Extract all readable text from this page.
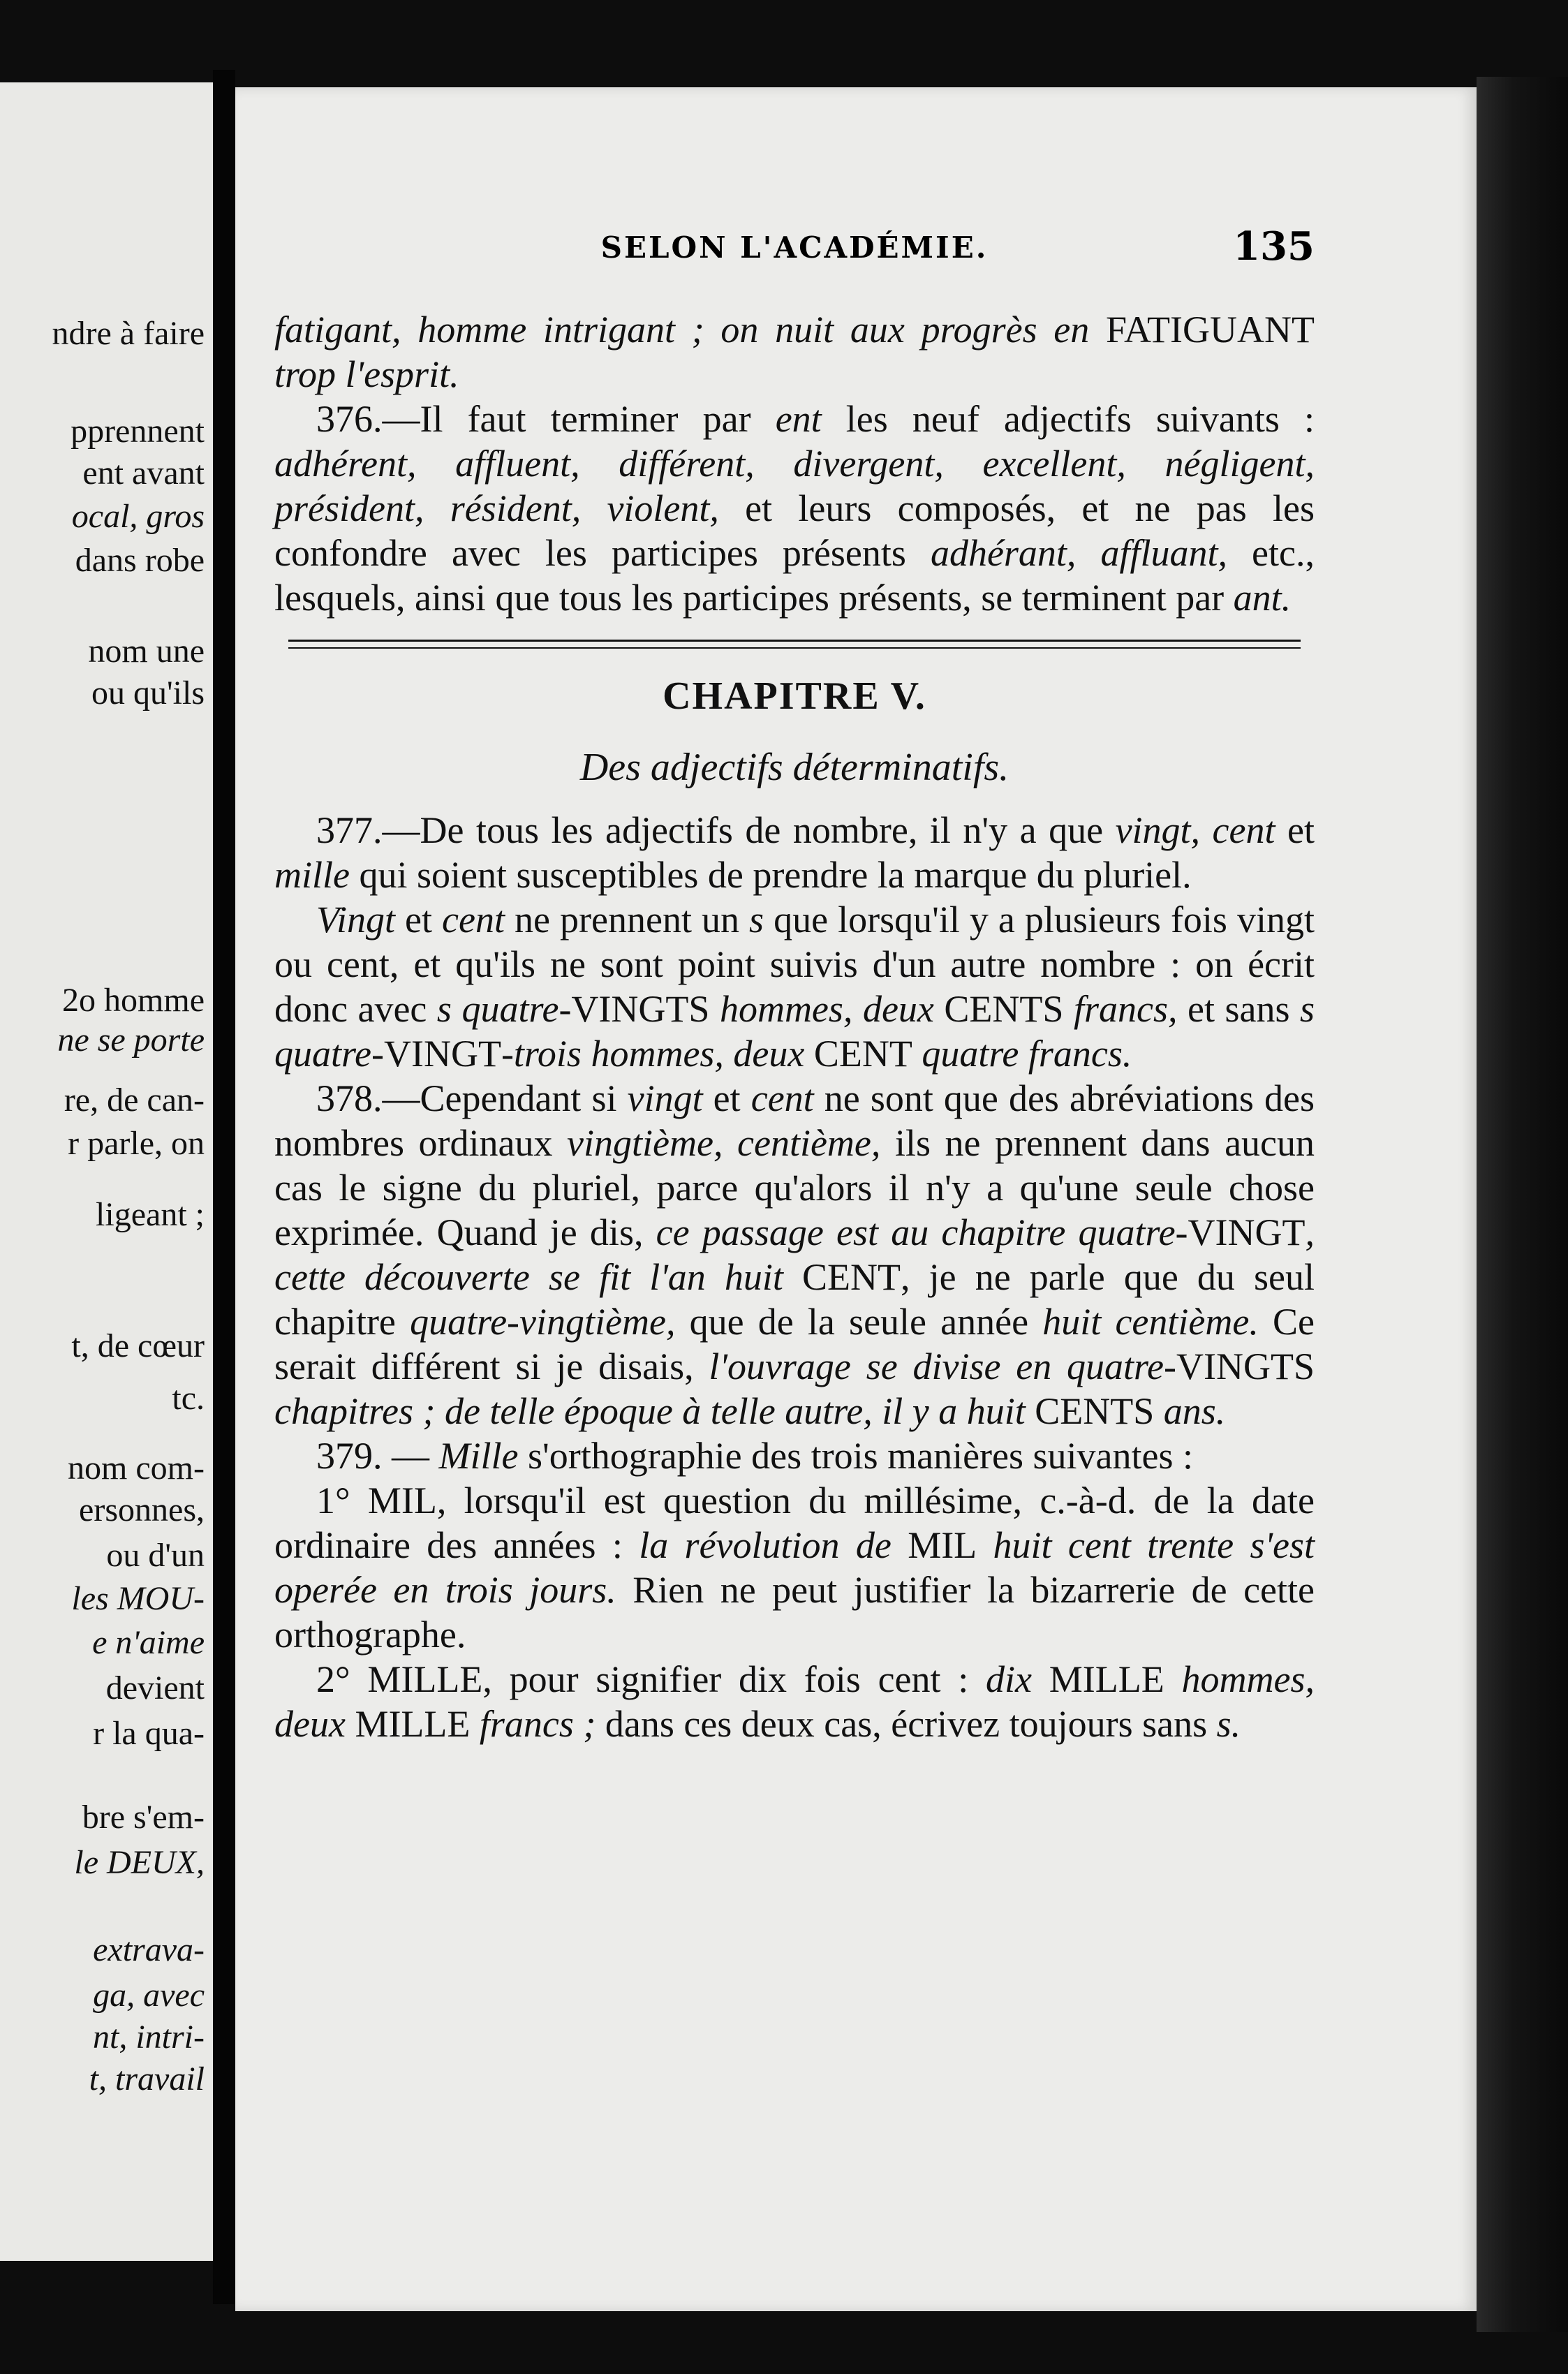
ndre à faire
pprennent
ent avant
ocal, gros
dans robe
nom une
ou qu'ils
2o homme
ne se porte
re, de can-
r parle, on
ligeant ;
t, de cœur
tc.
nom com-
ersonnes,
ou d'un
les MOU-
e n'aime
devient
r la qua-
bre s'em-
le DEUX,
extrava-
ga, avec
nt, intri-
t, travail
SELON L'ACADÉMIE.	135

fatigant, homme intrigant ; on nuit aux progrès en FATIGUANT trop l'esprit.

376.—Il faut terminer par ent les neuf adjectifs suivants : adhérent, affluent, différent, divergent, excellent, négligent, président, résident, violent, et leurs composés, et ne pas les confondre avec les participes présents adhérant, affluant, etc., lesquels, ainsi que tous les participes présents, se terminent par ant.

CHAPITRE V.
Des adjectifs déterminatifs.

377.—De tous les adjectifs de nombre, il n'y a que vingt, cent et mille qui soient susceptibles de prendre la marque du pluriel.

Vingt et cent ne prennent un s que lorsqu'il y a plusieurs fois vingt ou cent, et qu'ils ne sont point suivis d'un autre nombre : on écrit donc avec s quatre-VINGTS hommes, deux CENTS francs, et sans s quatre-VINGT-trois hommes, deux CENT quatre francs.

378.—Cependant si vingt et cent ne sont que des abréviations des nombres ordinaux vingtième, centième, ils ne prennent dans aucun cas le signe du pluriel, parce qu'alors il n'y a qu'une seule chose exprimée. Quand je dis, ce passage est au chapitre quatre-VINGT, cette découverte se fit l'an huit CENT, je ne parle que du seul chapitre quatre-vingtième, que de la seule année huit centième. Ce serait différent si je disais, l'ouvrage se divise en quatre-VINGTS chapitres ; de telle époque à telle autre, il y a huit CENTS ans.

379. — Mille s'orthographie des trois manières suivantes :

1° MIL, lorsqu'il est question du millésime, c.-à-d. de la date ordinaire des années : la révolution de MIL huit cent trente s'est operée en trois jours. Rien ne peut justifier la bizarrerie de cette orthographe.

2° MILLE, pour signifier dix fois cent : dix MILLE hommes, deux MILLE francs ; dans ces deux cas, écrivez toujours sans s.
